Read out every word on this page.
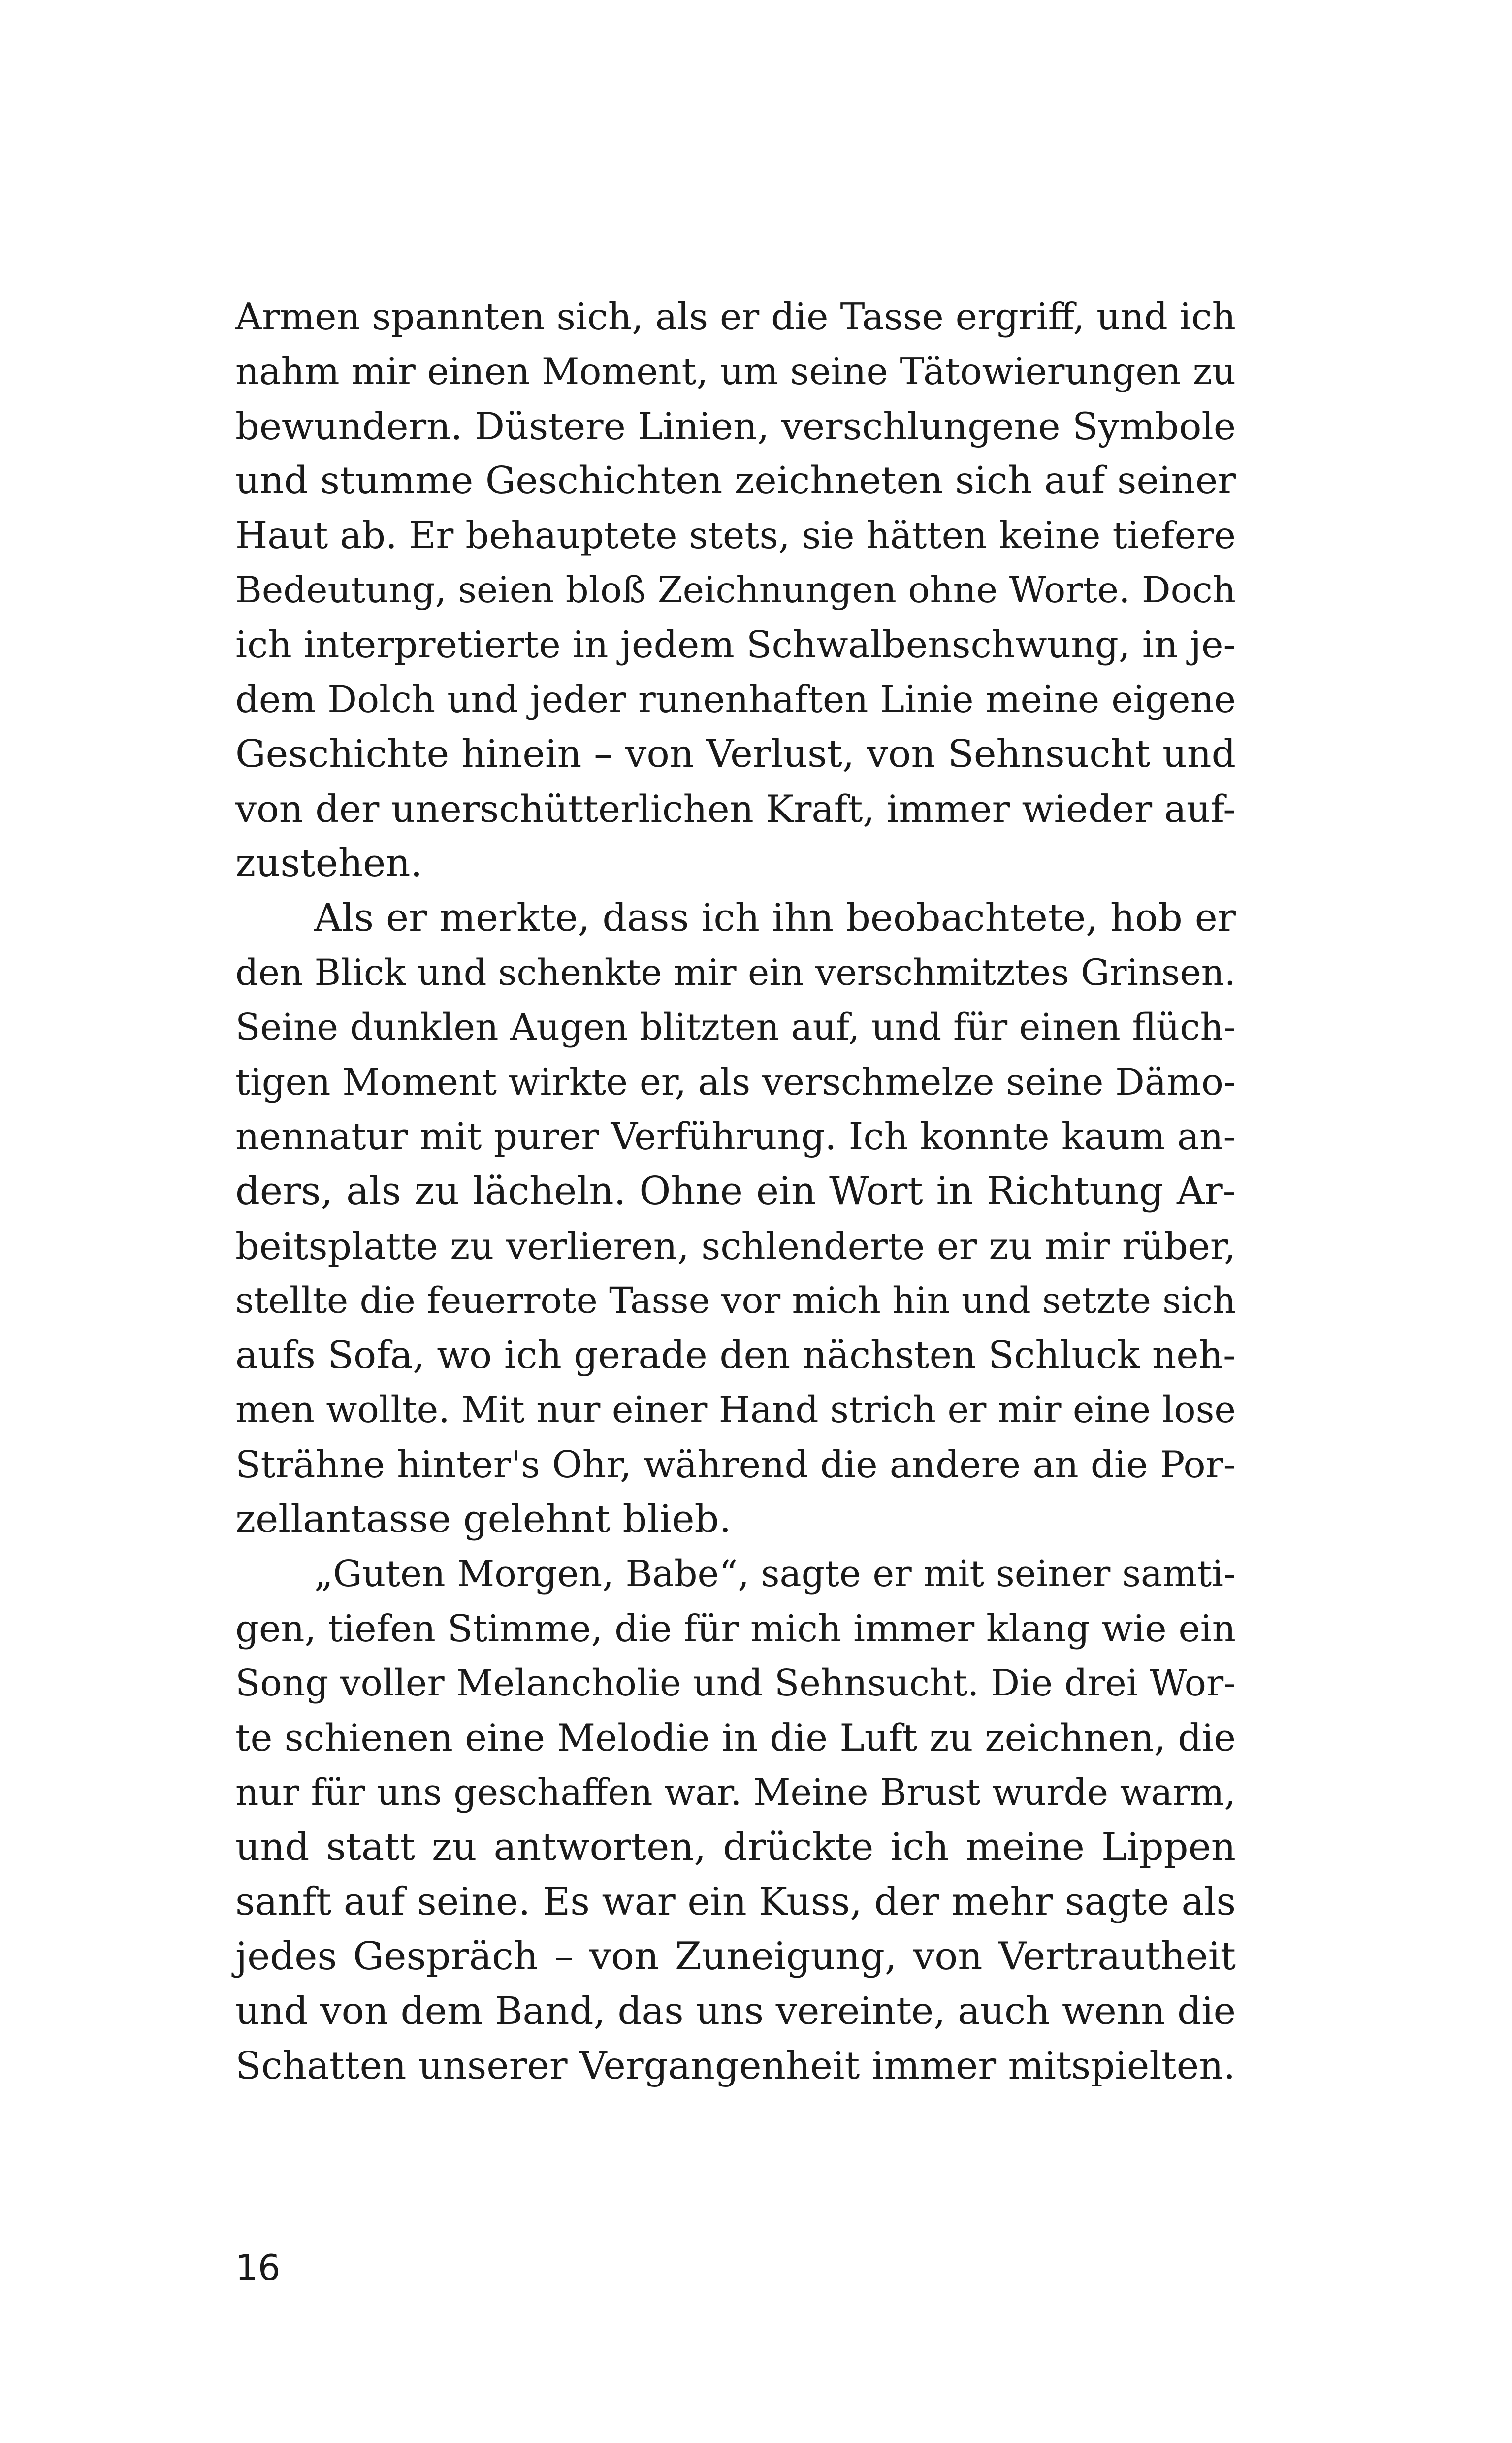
Armen spannten sich, als er die Tasse ergriff, und ich
nahm mir einen Moment, um seine Tätowierungen zu
bewundern. Düstere Linien, verschlungene Symbole
und stumme Geschichten zeichneten sich auf seiner
Haut ab. Er behauptete stets, sie hätten keine tiefere
Bedeutung, seien bloß Zeichnungen ohne Worte. Doch
ich interpretierte in jedem Schwalbenschwung, in je-
dem Dolch und jeder runenhaften Linie meine eigene
Geschichte hinein – von Verlust, von Sehnsucht und
von der unerschütterlichen Kraft, immer wieder auf-
zustehen.
Als er merkte, dass ich ihn beobachtete, hob er
den Blick und schenkte mir ein verschmitztes Grinsen.
Seine dunklen Augen blitzten auf, und für einen flüch-
tigen Moment wirkte er, als verschmelze seine Dämo-
nennatur mit purer Verführung. Ich konnte kaum an-
ders, als zu lächeln. Ohne ein Wort in Richtung Ar-
beitsplatte zu verlieren, schlenderte er zu mir rüber,
stellte die feuerrote Tasse vor mich hin und setzte sich
aufs Sofa, wo ich gerade den nächsten Schluck neh-
men wollte. Mit nur einer Hand strich er mir eine lose
Strähne hinter's Ohr, während die andere an die Por-
zellantasse gelehnt blieb.
„Guten Morgen, Babe“, sagte er mit seiner samti-
gen, tiefen Stimme, die für mich immer klang wie ein
Song voller Melancholie und Sehnsucht. Die drei Wor-
te schienen eine Melodie in die Luft zu zeichnen, die
nur für uns geschaffen war. Meine Brust wurde warm,
und statt zu antworten, drückte ich meine Lippen
sanft auf seine. Es war ein Kuss, der mehr sagte als
jedes Gespräch – von Zuneigung, von Vertrautheit
und von dem Band, das uns vereinte, auch wenn die
Schatten unserer Vergangenheit immer mitspielten.
16
